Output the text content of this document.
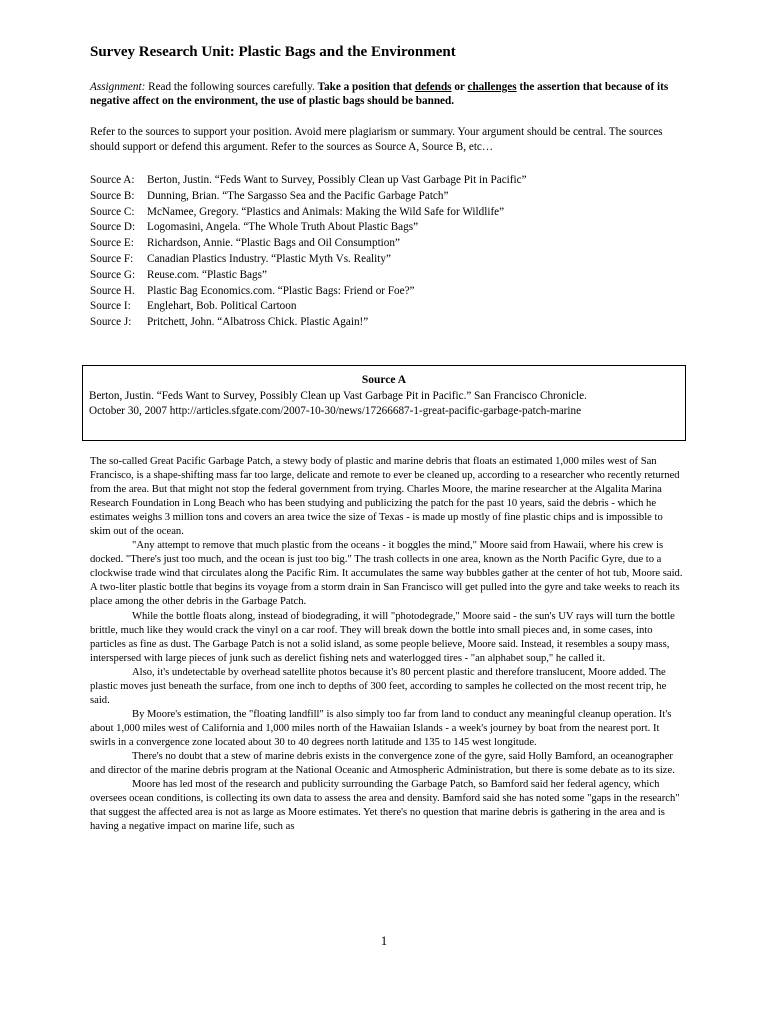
Survey Research Unit: Plastic Bags and the Environment
Assignment: Read the following sources carefully. Take a position that defends or challenges the assertion that because of its negative affect on the environment, the use of plastic bags should be banned.
Refer to the sources to support your position. Avoid mere plagiarism or summary. Your argument should be central. The sources should support or defend this argument. Refer to the sources as Source A, Source B, etc…
Source A: Berton, Justin. “Feds Want to Survey, Possibly Clean up Vast Garbage Pit in Pacific”
Source B: Dunning, Brian. “The Sargasso Sea and the Pacific Garbage Patch”
Source C: McNamee, Gregory. “Plastics and Animals: Making the Wild Safe for Wildlife”
Source D: Logomasini, Angela. “The Whole Truth About Plastic Bags”
Source E: Richardson, Annie. “Plastic Bags and Oil Consumption”
Source F: Canadian Plastics Industry. “Plastic Myth Vs. Reality”
Source G: Reuse.com. “Plastic Bags”
Source H. Plastic Bag Economics.com. “Plastic Bags: Friend or Foe?”
Source I: Englehart, Bob. Political Cartoon
Source J: Pritchett, John. “Albatross Chick. Plastic Again!”
Source A
Berton, Justin. “Feds Want to Survey, Possibly Clean up Vast Garbage Pit in Pacific.” San Francisco Chronicle.
October 30, 2007 http://articles.sfgate.com/2007-10-30/news/17266687-1-great-pacific-garbage-patch-marine

The so-called Great Pacific Garbage Patch, a stewy body of plastic and marine debris that floats an estimated 1,000 miles west of San Francisco, is a shape-shifting mass far too large, delicate and remote to ever be cleaned up, according to a researcher who recently returned from the area. But that might not stop the federal government from trying. Charles Moore, the marine researcher at the Algalita Marina Research Foundation in Long Beach who has been studying and publicizing the patch for the past 10 years, said the debris - which he estimates weighs 3 million tons and covers an area twice the size of Texas - is made up mostly of fine plastic chips and is impossible to skim out of the ocean.

"Any attempt to remove that much plastic from the oceans - it boggles the mind," Moore said from Hawaii, where his crew is docked. "There's just too much, and the ocean is just too big." The trash collects in one area, known as the North Pacific Gyre, due to a clockwise trade wind that circulates along the Pacific Rim. It accumulates the same way bubbles gather at the center of hot tub, Moore said. A two-liter plastic bottle that begins its voyage from a storm drain in San Francisco will get pulled into the gyre and take weeks to reach its place among the other debris in the Garbage Patch.

While the bottle floats along, instead of biodegrading, it will "photodegrade," Moore said - the sun's UV rays will turn the bottle brittle, much like they would crack the vinyl on a car roof. They will break down the bottle into small pieces and, in some cases, into particles as fine as dust. The Garbage Patch is not a solid island, as some people believe, Moore said. Instead, it resembles a soupy mass, interspersed with large pieces of junk such as derelict fishing nets and waterlogged tires - "an alphabet soup," he called it.

Also, it's undetectable by overhead satellite photos because it's 80 percent plastic and therefore translucent, Moore added. The plastic moves just beneath the surface, from one inch to depths of 300 feet, according to samples he collected on the most recent trip, he said.

By Moore's estimation, the "floating landfill" is also simply too far from land to conduct any meaningful cleanup operation. It's about 1,000 miles west of California and 1,000 miles north of the Hawaiian Islands - a week's journey by boat from the nearest port. It swirls in a convergence zone located about 30 to 40 degrees north latitude and 135 to 145 west longitude.

There's no doubt that a stew of marine debris exists in the convergence zone of the gyre, said Holly Bamford, an oceanographer and director of the marine debris program at the National Oceanic and Atmospheric Administration, but there is some debate as to its size.

Moore has led most of the research and publicity surrounding the Garbage Patch, so Bamford said her federal agency, which oversees ocean conditions, is collecting its own data to assess the area and density. Bamford said she has noted some "gaps in the research" that suggest the affected area is not as large as Moore estimates. Yet there's no question that marine debris is gathering in the area and is having a negative impact on marine life, such as

1
